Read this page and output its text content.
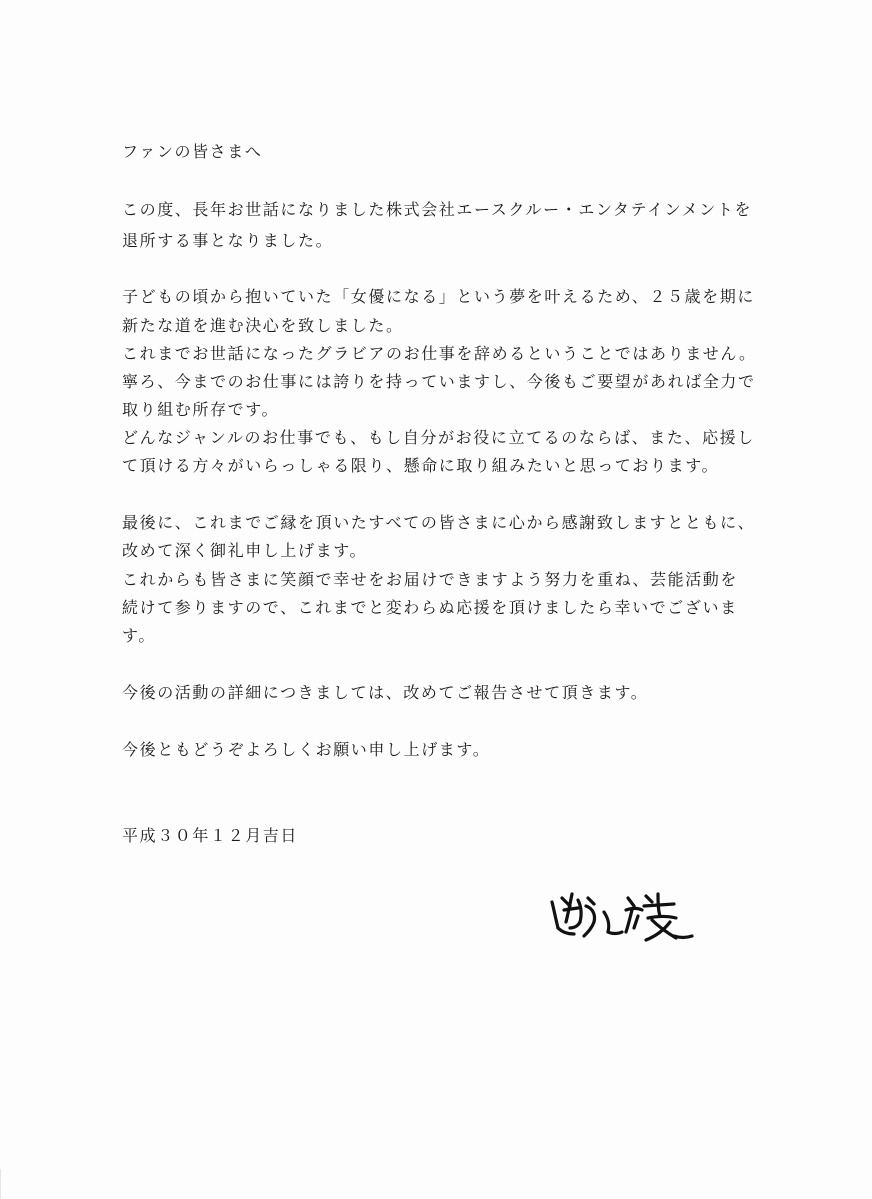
ファンの皆さまへ
この度、長年お世話になりました株式会社エースクルー・エンタテインメントを
退所する事となりました。
子どもの頃から抱いていた「女優になる」という夢を叶えるため、２５歳を期に
新たな道を進む決心を致しました。
これまでお世話になったグラビアのお仕事を辞めるということではありません。
寧ろ、今までのお仕事には誇りを持っていますし、今後もご要望があれば全力で
取り組む所存です。
どんなジャンルのお仕事でも、もし自分がお役に立てるのならば、また、応援し
て頂ける方々がいらっしゃる限り、懸命に取り組みたいと思っております。
最後に、これまでご縁を頂いたすべての皆さまに心から感謝致しますとともに、
改めて深く御礼申し上げます。
これからも皆さまに笑顔で幸せをお届けできますよう努力を重ね、芸能活動を
続けて参りますので、これまでと変わらぬ応援を頂けましたら幸いでございま
す。
今後の活動の詳細につきましては、改めてご報告させて頂きます。
今後ともどうぞよろしくお願い申し上げます。
平成３０年１２月吉日
